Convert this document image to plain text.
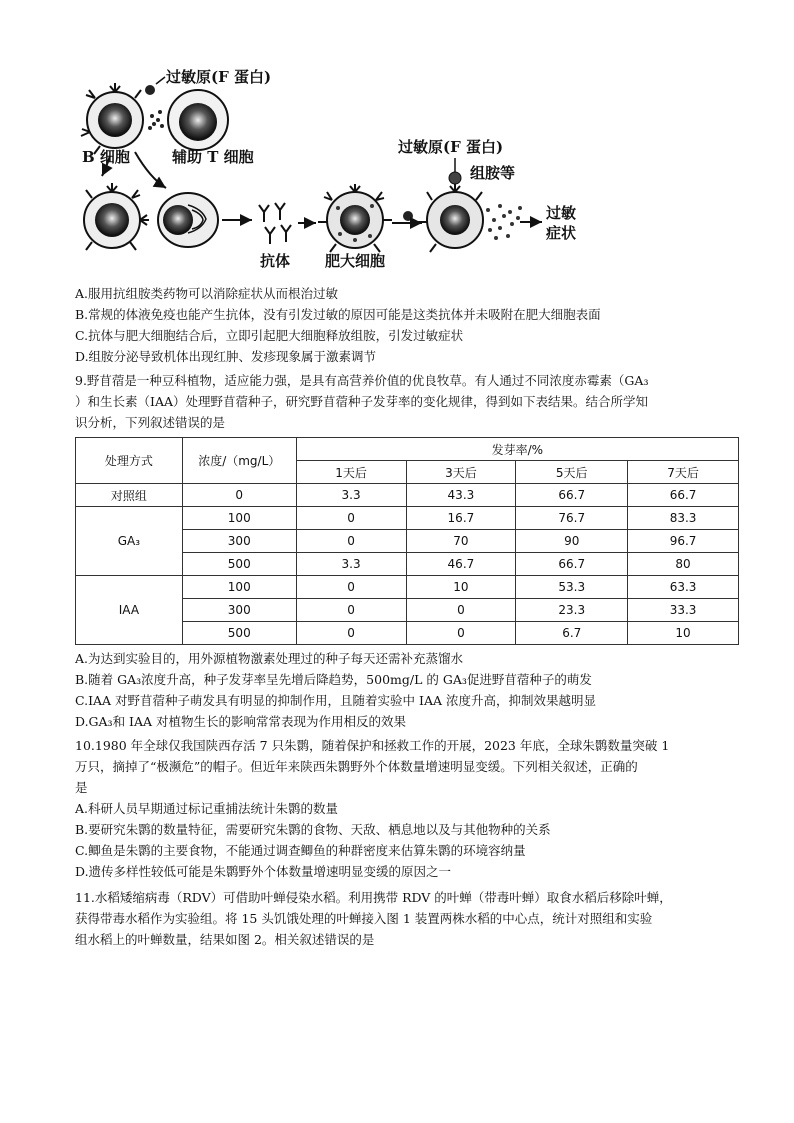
过敏原(F 蛋白)
B 细胞	辅助 T 细胞
抗体 肥大细胞
过敏原(F 蛋白)
组胺等
过敏
症状
A.服用抗组胺类药物可以消除症状从而根治过敏
B.常规的体液免疫也能产生抗体，没有引发过敏的原因可能是这类抗体并未吸附在肥大细胞表面
C.抗体与肥大细胞结合后，立即引起肥大细胞释放组胺，引发过敏症状
D.组胺分泌导致机体出现红肿、发疹现象属于激素调节
9.野苜蓿是一种豆科植物，适应能力强，是具有高营养价值的优良牧草。有人通过不同浓度赤霉素（GA₃
）和生长素（IAA）处理野苜蓿种子，研究野苜蓿种子发芽率的变化规律，得到如下表结果。结合所学知
识分析，下列叙述错误的是
处理方式	浓度/（mg/L）	发芽率/%			
		1天后	3天后	5天后	7天后
对照组	0	3.3	43.3	66.7	66.7
GA₃	100	0	16.7	76.7	83.3
	300	0	70	90	96.7
	500	3.3	46.7	66.7	80
IAA	100	0	10	53.3	63.3
	300	0	0	23.3	33.3
	500	0	0	6.7	10
A.为达到实验目的，用外源植物激素处理过的种子每天还需补充蒸馏水
B.随着 GA₃浓度升高，种子发芽率呈先增后降趋势，500mg/L 的 GA₃促进野苜蓿种子的萌发
C.IAA 对野苜蓿种子萌发具有明显的抑制作用，且随着实验中 IAA 浓度升高，抑制效果越明显
D.GA₃和 IAA 对植物生长的影响常常表现为作用相反的效果
10.1980 年全球仅我国陕西存活 7 只朱鹮，随着保护和拯救工作的开展，2023 年底，全球朱鹮数量突破 1
万只，摘掉了“极濒危”的帽子。但近年来陕西朱鹮野外个体数量增速明显变缓。下列相关叙述，正确的
是
A.科研人员早期通过标记重捕法统计朱鹮的数量
B.要研究朱鹮的数量特征，需要研究朱鹮的食物、天敌、栖息地以及与其他物种的关系
C.鲫鱼是朱鹮的主要食物，不能通过调查鲫鱼的种群密度来估算朱鹮的环境容纳量
D.遗传多样性较低可能是朱鹮野外个体数量增速明显变缓的原因之一
11.水稻矮缩病毒（RDV）可借助叶蝉侵染水稻。利用携带 RDV 的叶蝉（带毒叶蝉）取食水稻后移除叶蝉，
获得带毒水稻作为实验组。将 15 头饥饿处理的叶蝉接入图 1 装置两株水稻的中心点，统计对照组和实验
组水稻上的叶蝉数量，结果如图 2。相关叙述错误的是
